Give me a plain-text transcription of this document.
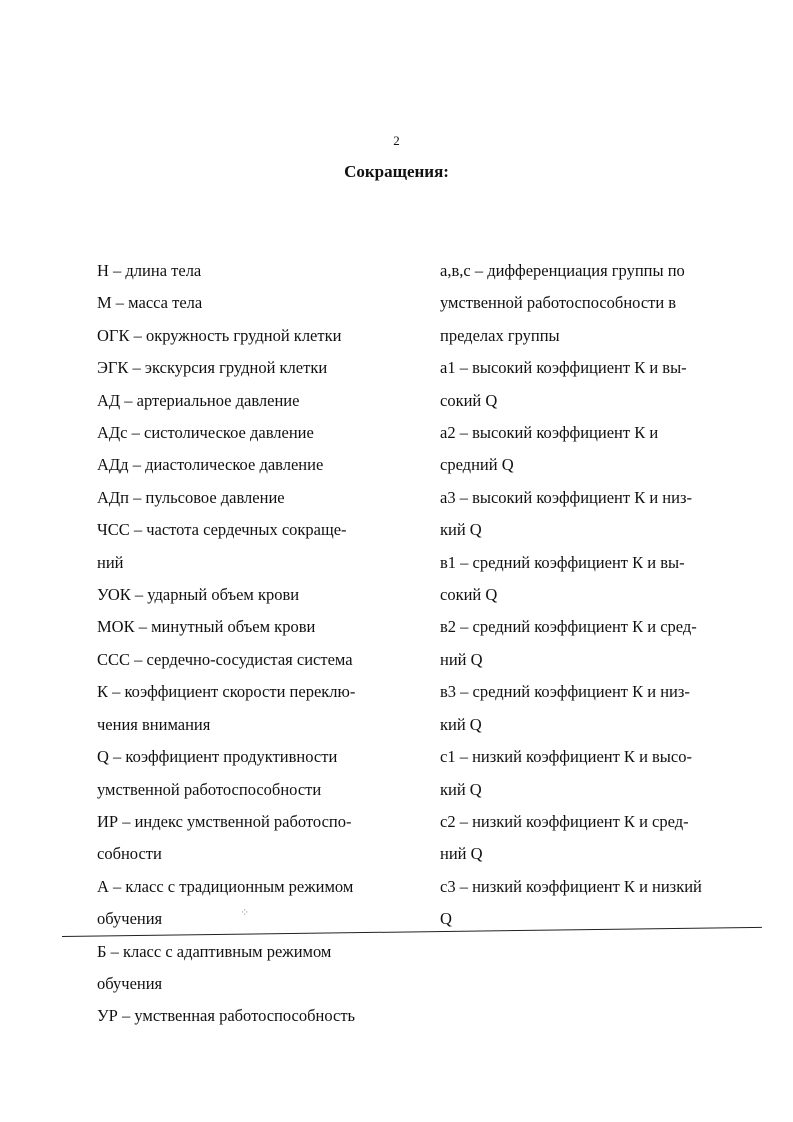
2
Сокращения:
Н – длина тела
М – масса тела
ОГК – окружность грудной клетки
ЭГК – экскурсия грудной клетки
АД – артериальное давление
АДс – систолическое давление
АДд – диастолическое давление
АДп – пульсовое давление
ЧСС – частота сердечных сокраще-
ний
УОК – ударный объем крови
МОК – минутный объем крови
ССС – сердечно-сосудистая система
К – коэффициент скорости переклю-
чения внимания
Q – коэффициент продуктивности
умственной работоспособности
ИР – индекс умственной работоспо-
собности
А – класс с традиционным режимом
обучения
Б – класс с адаптивным режимом
обучения
УР – умственная работоспособность
а,в,с – дифференциация группы по
умственной работоспособности в
пределах группы
а1 – высокий коэффициент К и вы-
сокий Q
а2 – высокий коэффициент К и
средний Q
а3 – высокий коэффициент К и низ-
кий Q
в1 – средний коэффициент К и вы-
сокий Q
в2 – средний коэффициент К и сред-
ний Q
в3 – средний коэффициент К и низ-
кий Q
с1 – низкий коэффициент К и высо-
кий Q
с2 – низкий коэффициент К и сред-
ний Q
с3 – низкий коэффициент К и низкий
Q
⁘
